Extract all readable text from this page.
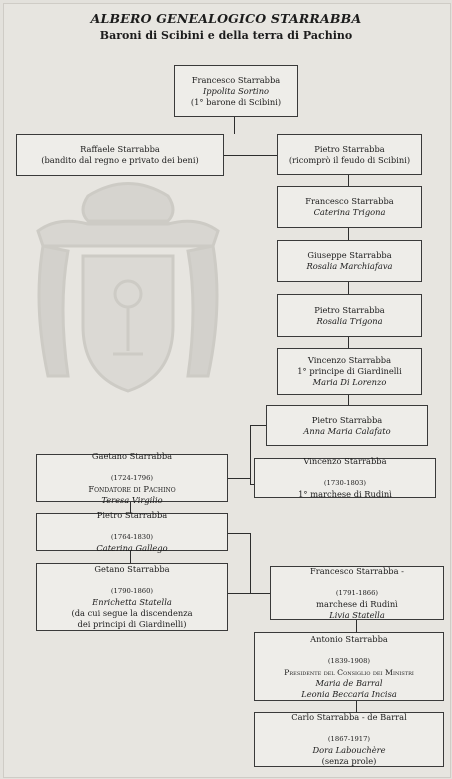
ALBERO GENEALOGICO STARRABBA
Baroni di Scibini e della terra di Pachino
Francesco Starrabba
Ippolita Sortino
(1° barone di Scibini)
Raffaele Starrabba
(bandito dal regno e privato dei beni)
Pietro Starrabba
(ricomprò il feudo di Scibini)
Francesco Starrabba
Caterina Trigona
Giuseppe Starrabba
Rosalia Marchiafava
Pietro Starrabba
Rosalia Trigona
Vincenzo Starrabba
1° principe di Giardinelli
Maria Di Lorenzo
Pietro Starrabba
Anna Maria Calafato
Gaetano Starrabba

(1724-1796)
Fondatore di Pachino
Teresa Virgilio
Vincenzo Starrabba

(1730-1803)
1° marchese di Rudinì
Pietro Starrabba

(1764-1830)
Caterina Gallego
Getano Starrabba

(1790-1860)
Enrichetta Statella
(da cui segue la discendenza
dei principi di Giardinelli)
Francesco Starrabba -

(1791-1866)
marchese di Rudinì
Livia Statella
Antonio Starrabba

(1839-1908)
Presidente del Consiglio dei Ministri
Maria de Barral
Leonia Beccaria Incisa
Carlo Starrabba - de Barral

(1867-1917)
Dora Labouchère
(senza prole)
